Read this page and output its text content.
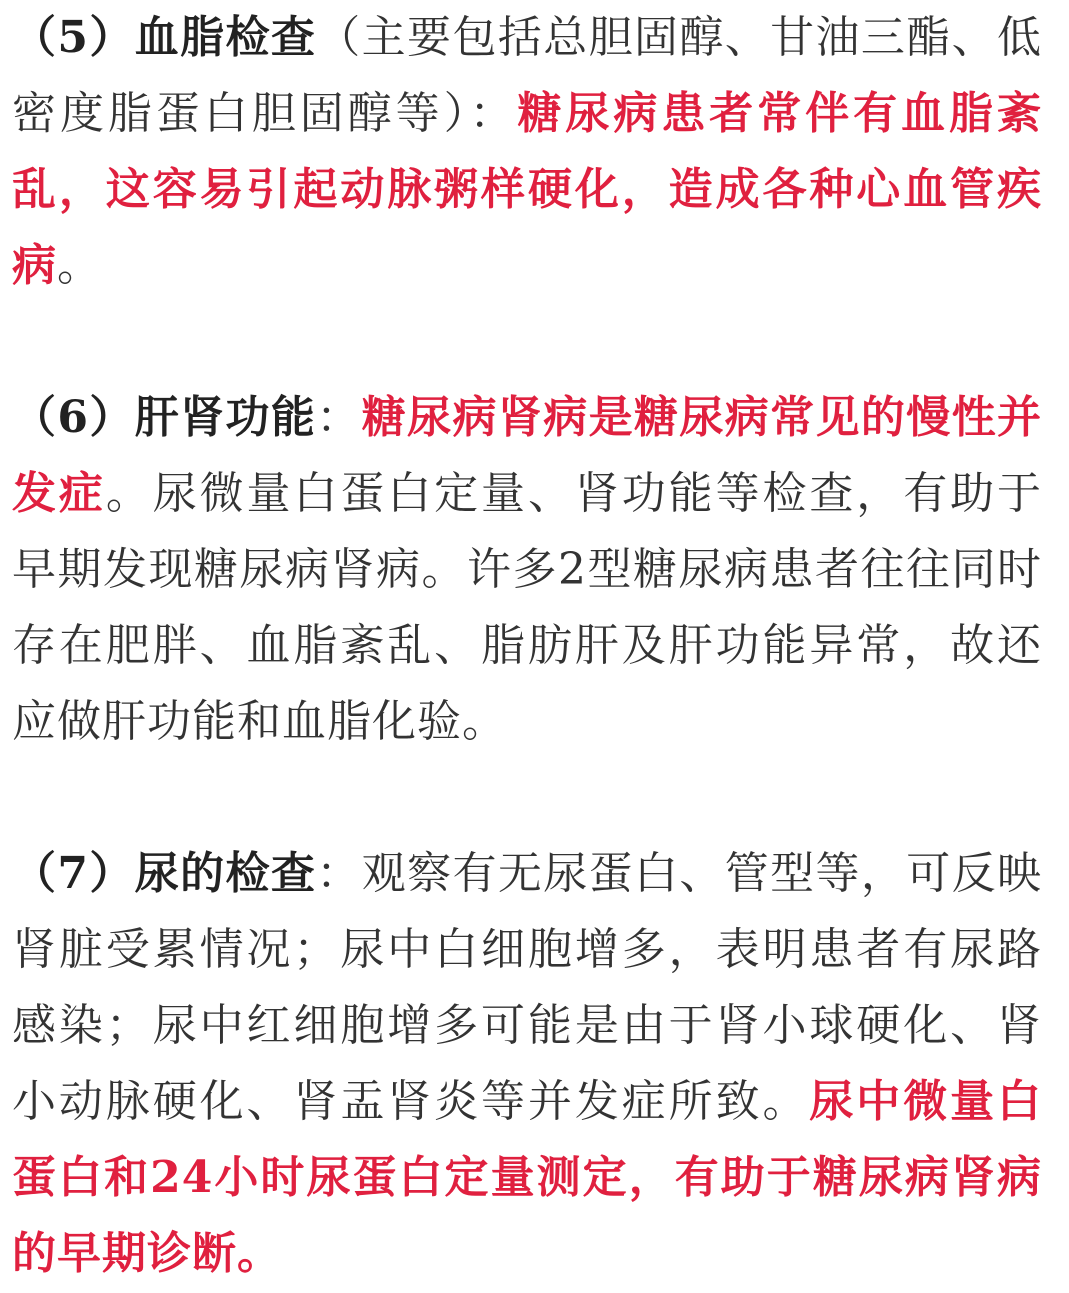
（5）血脂检查（主要包括总胆固醇、甘油三酯、低密度脂蛋白胆固醇等）：糖尿病患者常伴有血脂紊乱，这容易引起动脉粥样硬化，造成各种心血管疾病。

（6）肝肾功能：糖尿病肾病是糖尿病常见的慢性并发症。尿微量白蛋白定量、肾功能等检查，有助于早期发现糖尿病肾病。许多2型糖尿病患者往往同时存在肥胖、血脂紊乱、脂肪肝及肝功能异常，故还应做肝功能和血脂化验。

（7）尿的检查：观察有无尿蛋白、管型等，可反映肾脏受累情况；尿中白细胞增多，表明患者有尿路感染；尿中红细胞增多可能是由于肾小球硬化、肾小动脉硬化、肾盂肾炎等并发症所致。尿中微量白蛋白和24小时尿蛋白定量测定，有助于糖尿病肾病的早期诊断。
